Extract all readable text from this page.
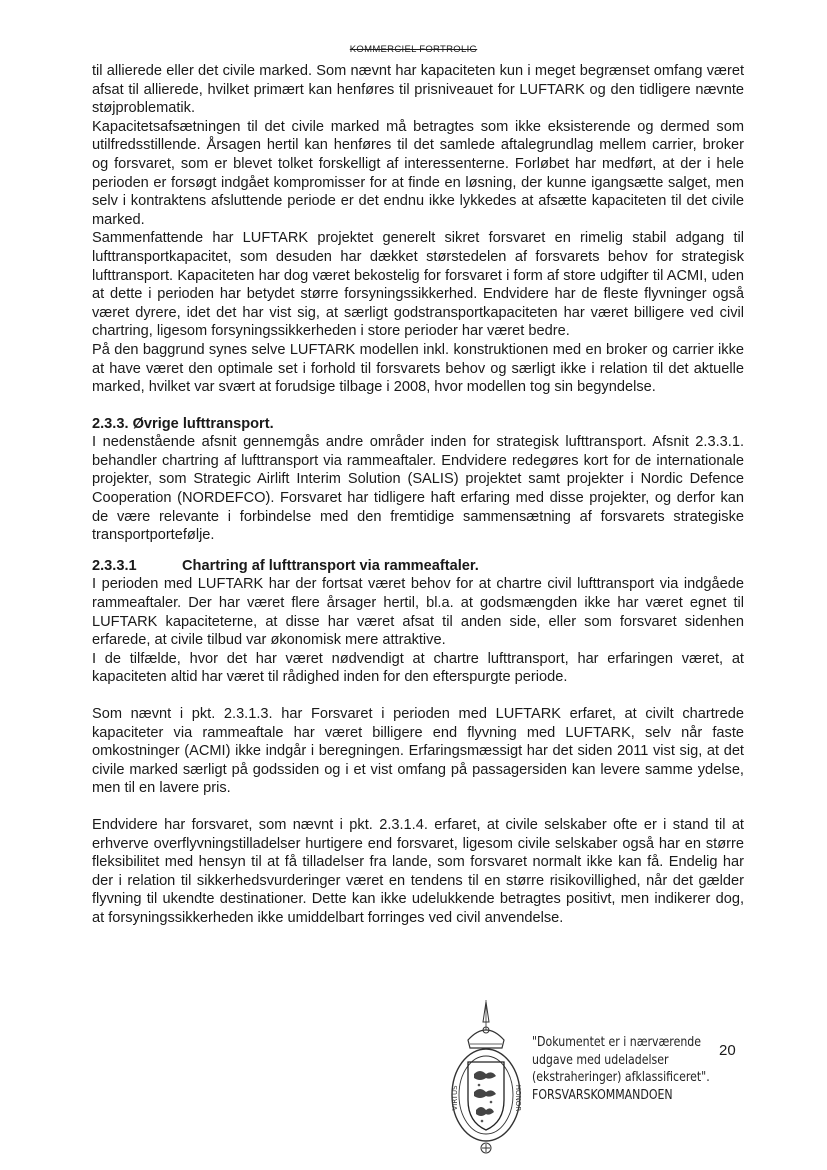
KOMMERCIEL FORTROLIG

til allierede eller det civile marked. Som nævnt har kapaciteten kun i meget begrænset omfang været afsat til allierede, hvilket primært kan henføres til prisniveauet for LUFTARK og den tidligere nævnte støjproblematik.

Kapacitetsafsætningen til det civile marked må betragtes som ikke eksisterende og dermed som utilfredsstillende. Årsagen hertil kan henføres til det samlede aftalegrundlag mellem carrier, broker og forsvaret, som er blevet tolket forskelligt af interessenterne. Forløbet har medført, at der i hele perioden er forsøgt indgået kompromisser for at finde en løsning, der kunne igangsætte salget, men selv i kontraktens afsluttende periode er det endnu ikke lykkedes at afsætte kapaciteten til det civile marked.

Sammenfattende har LUFTARK projektet generelt sikret forsvaret en rimelig stabil adgang til lufttransportkapacitet, som desuden har dækket størstedelen af forsvarets behov for strategisk lufttransport. Kapaciteten har dog været bekostelig for forsvaret i form af store udgifter til ACMI, uden at dette i perioden har betydet større forsyningssikkerhed. Endvidere har de fleste flyvninger også været dyrere, idet det har vist sig, at særligt godstransportkapaciteten har været billigere ved civil chartring, ligesom forsyningssikkerheden i store perioder har været bedre.

På den baggrund synes selve LUFTARK modellen inkl. konstruktionen med en broker og carrier ikke at have været den optimale set i forhold til forsvarets behov og særligt ikke i relation til det aktuelle marked, hvilket var svært at forudsige tilbage i 2008, hvor modellen tog sin begyndelse.

2.3.3. Øvrige lufttransport.

I nedenstående afsnit gennemgås andre områder inden for strategisk lufttransport. Afsnit 2.3.3.1. behandler chartring af lufttransport via rammeaftaler. Endvidere redegøres kort for de internationale projekter, som Strategic Airlift Interim Solution (SALIS) projektet samt projekter i Nordic Defence Cooperation (NORDEFCO). Forsvaret har tidligere haft erfaring med disse projekter, og derfor kan de være relevante i forbindelse med den fremtidige sammensætning af forsvarets strategiske transportportefølje.

2.3.3.1	Chartring af lufttransport via rammeaftaler.

I perioden med LUFTARK har der fortsat været behov for at chartre civil lufttransport via indgåede rammeaftaler. Der har været flere årsager hertil, bl.a. at godsmængden ikke har været egnet til LUFTARK kapaciteterne, at disse har været afsat til anden side, eller som forsvaret sidenhen erfarede, at civile tilbud var økonomisk mere attraktive.

I de tilfælde, hvor det har været nødvendigt at chartre lufttransport, har erfaringen været, at kapaciteten altid har været til rådighed inden for den efterspurgte periode.

Som nævnt i pkt. 2.3.1.3. har Forsvaret i perioden med LUFTARK erfaret, at civilt chartrede kapaciteter via rammeaftale har været billigere end flyvning med LUFTARK, selv når faste omkostninger (ACMI) ikke indgår i beregningen. Erfaringsmæssigt har det siden 2011 vist sig, at det civile marked særligt på godssiden og i et vist omfang på passagersiden kan levere samme ydelse, men til en lavere pris.

Endvidere har forsvaret, som nævnt i pkt. 2.3.1.4. erfaret, at civile selskaber ofte er i stand til at erhverve overflyvningstilladelser hurtigere end forsvaret, ligesom civile selskaber også har en større fleksibilitet med hensyn til at få tilladelser fra lande, som forsvaret normalt ikke kan få. Endelig har der i relation til sikkerhedsvurderinger været en tendens til en større risikovillighed, når det gælder flyvning til ukendte destinationer. Dette kan ikke udelukkende betragtes positivt, men indikerer dog, at forsyningssikkerheden ikke umiddelbart forringes ved civil anvendelse.

VIRTUS	HONOR
"Dokumentet er i nærværende
udgave med udeladelser
(ekstraheringer) afklassificeret".
FORSVARSKOMMANDOEN
20
